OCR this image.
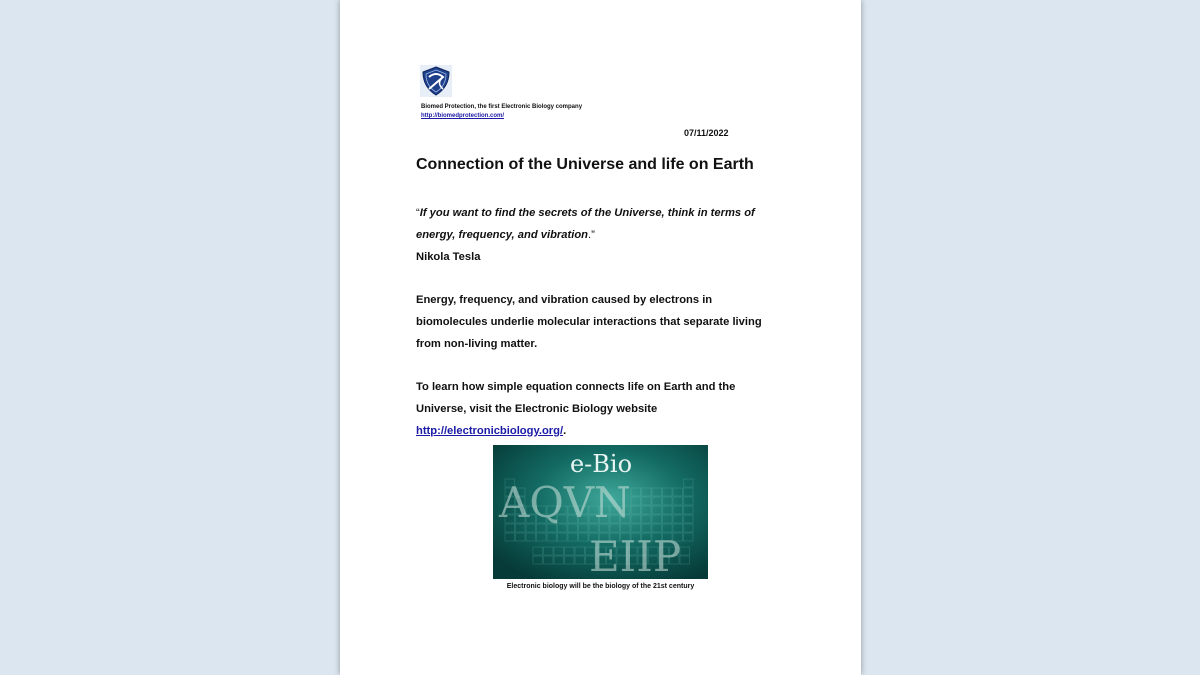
Biomed Protection, the first Electronic Biology company
http://biomedprotection.com/
07/11/2022
Connection of the Universe and life on Earth
“If you want to find the secrets of the Universe, think in terms of energy, frequency, and vibration.”
Nikola Tesla
Energy, frequency, and vibration caused by electrons in biomolecules underlie molecular interactions that separate living from non-living matter.
To learn how simple equation connects life on Earth and the Universe, visit the Electronic Biology website http://electronicbiology.org/.
e-Bio
AQVN
EIIP
Electronic biology will be the biology of the 21st century
